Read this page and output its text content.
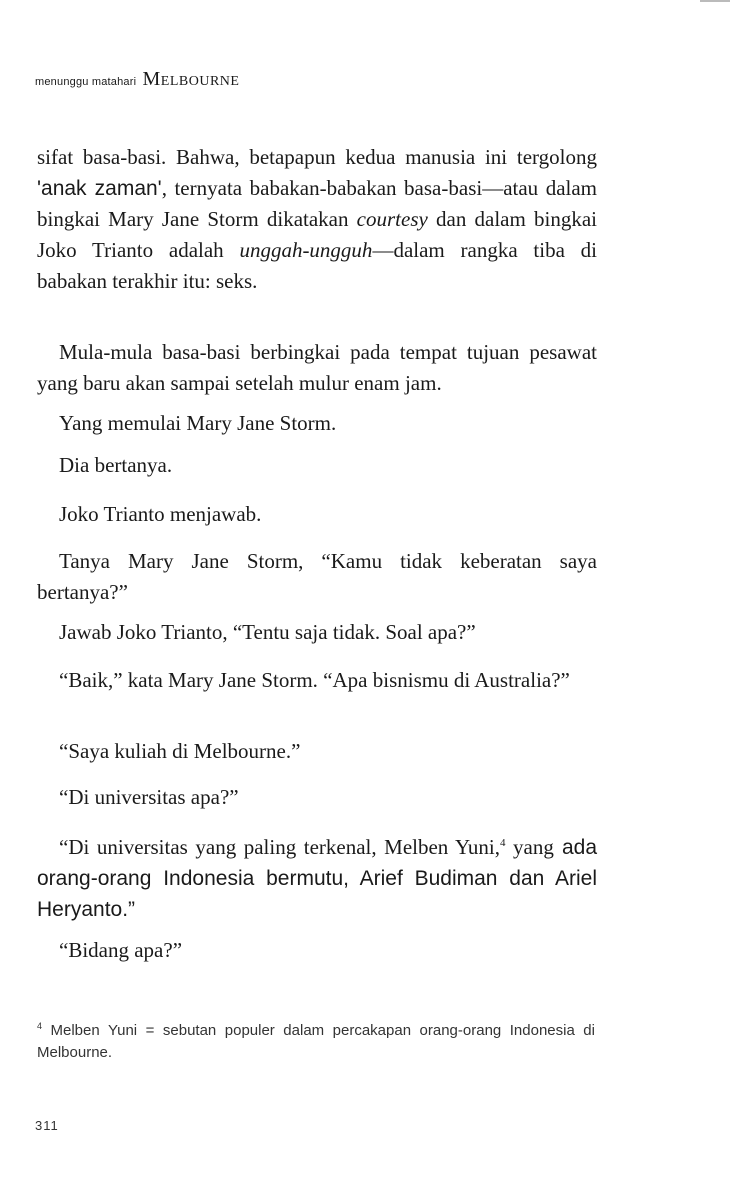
menunggu matahari Melbourne

sifat basa-basi. Bahwa, betapapun kedua manusia ini tergolong 'anak zaman', ternyata babakan-babakan basa-basi—atau dalam bingkai Mary Jane Storm dikatakan courtesy dan dalam bingkai Joko Trianto adalah unggah-ungguh—dalam rangka tiba di babakan terakhir itu: seks.

Mula-mula basa-basi berbingkai pada tempat tujuan pesawat yang baru akan sampai setelah mulur enam jam.

Yang memulai Mary Jane Storm.

Dia bertanya.

Joko Trianto menjawab.

Tanya Mary Jane Storm, “Kamu tidak keberatan saya bertanya?”

Jawab Joko Trianto, “Tentu saja tidak. Soal apa?”

“Baik,” kata Mary Jane Storm. “Apa bisnismu di Australia?”

“Saya kuliah di Melbourne.”

“Di universitas apa?”

“Di universitas yang paling terkenal, Melben Yuni,$^4$ yang ada orang-orang Indonesia bermutu, Arief Budiman dan Ariel Heryanto.”

“Bidang apa?”

$^4$ Melben Yuni = sebutan populer dalam percakapan orang-orang Indonesia di Melbourne.

311
